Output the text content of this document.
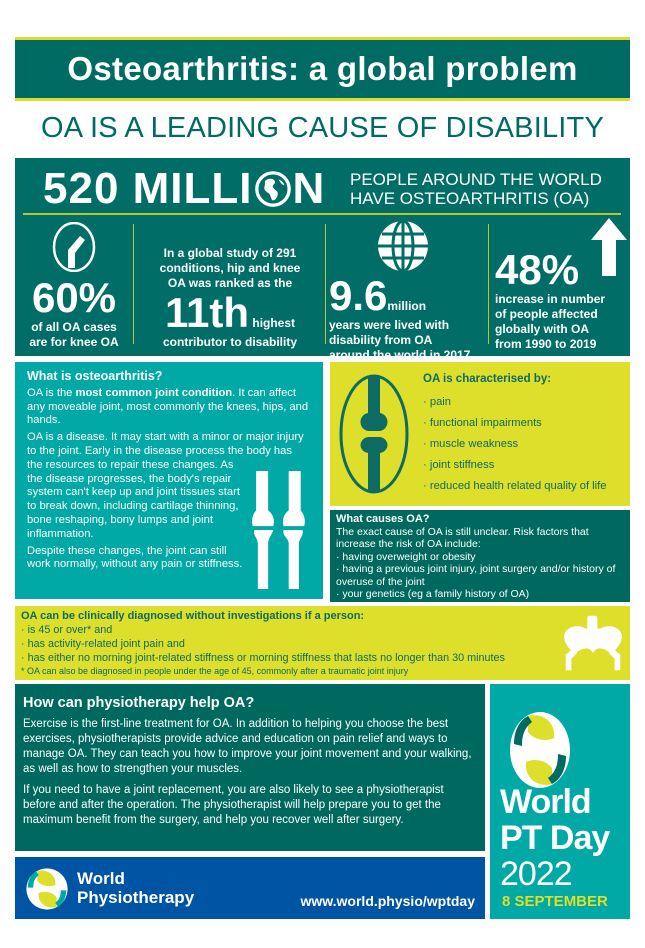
Osteoarthritis: a global problem
OA IS A LEADING CAUSE OF DISABILITY
520 MILLI N PEOPLE AROUND THE WORLD
HAVE OSTEOARTHRITIS (OA)
60%
of all OA cases
are for knee OA
In a global study of 291
conditions, hip and knee
OA was ranked as the
11th highest
contributor to disability
9.6million
years were lived with
disability from OA
around the world in 2017
48%
increase in number
of people affected
globally with OA
from 1990 to 2019
What is osteoarthritis?

OA is the most common joint condition. It can affect any moveable joint, most commonly the knees, hips, and hands.

OA is a disease. It may start with a minor or major injury to the joint. Early in the disease process the body has the resources to repair these changes. As the disease progresses, the body's repair system can't keep up and joint tissues start to break down, including cartilage thinning, bone reshaping, bony lumps and joint inflammation.

Despite these changes, the joint can still work normally, without any pain or stiffness.

OA is characterised by:
· pain
· functional impairments
· muscle weakness
· joint stiffness
· reduced health related quality of life
What causes OA?
The exact cause of OA is still unclear. Risk factors that increase the risk of OA include:
· having overweight or obesity
· having a previous joint injury, joint surgery and/or history of overuse of the joint
· your genetics (eg a family history of OA)
OA can be clinically diagnosed without investigations if a person:
· is 45 or over* and
· has activity-related joint pain and
· has either no morning joint-related stiffness or morning stiffness that lasts no longer than 30 minutes
* OA can also be diagnosed in people under the age of 45, commonly after a traumatic joint injury
How can physiotherapy help OA?

Exercise is the first-line treatment for OA. In addition to helping you choose the best exercises, physiotherapists provide advice and education on pain relief and ways to manage OA. They can teach you how to improve your joint movement and your walking, as well as how to strengthen your muscles.

If you need to have a joint replacement, you are also likely to see a physiotherapist before and after the operation. The physiotherapist will help prepare you to get the maximum benefit from the surgery, and help you recover well after surgery.	World
PT Day
2022
8 SEPTEMBER
World
Physiotherapy	www.world.physio/wptday
